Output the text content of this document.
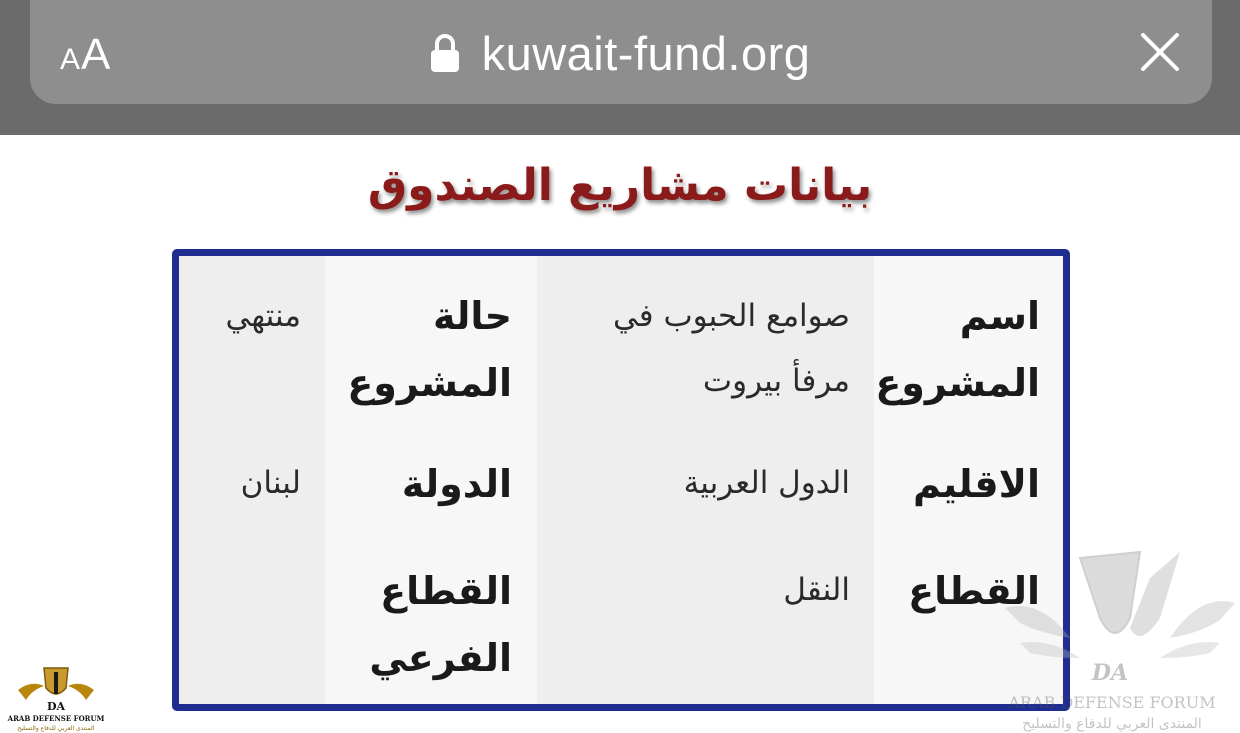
A A	kuwait-fund.org
بيانات مشاريع الصندوق
اسم
المشروع
صوامع الحبوب في
مرفأ بيروت
حالة
المشروع
منتهي
الاقليم
الدول العربية
الدولة
لبنان
القطاع
النقل
القطاع
الفرعي
DA
ARAB DEFENSE FORUM
المنتدى العربي للدفاع والتسليح
DA
ARAB DEFENSE FORUM
المنتدى العربي للدفاع والتسليح
